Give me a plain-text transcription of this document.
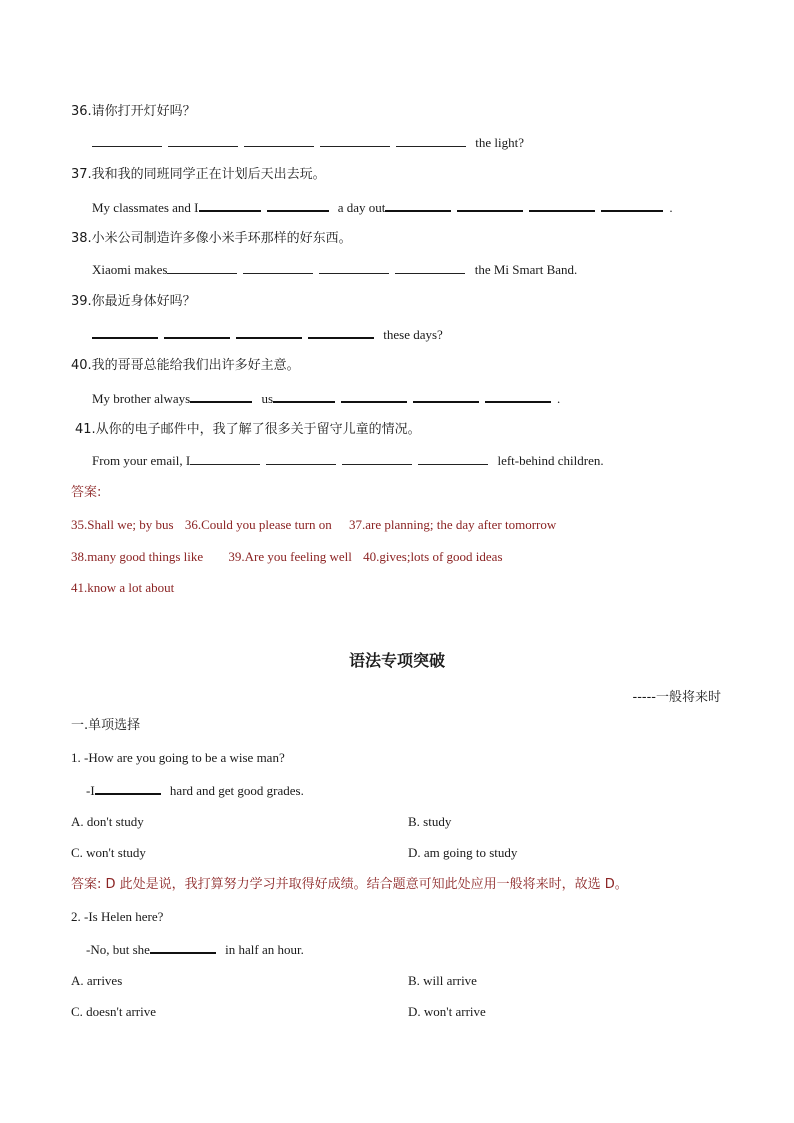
36.请你打开灯好吗？
the light?
37.我和我的同班同学正在计划后天出去玩。
My classmates and I	a day out	.
38.小米公司制造许多像小米手环那样的好东西。
Xiaomi makes	the Mi Smart Band.
39.你最近身体好吗？
these days?
40.我的哥哥总能给我们出许多好主意。
My brother always	us	.
41.从你的电子邮件中，我了解了很多关于留守儿童的情况。
From your email, I	left-behind children.
答案:
35.Shall we; by bus 36.Could you please turn on 37.are planning; the day after tomorrow
38.many good things like 39.Are you feeling well 40.gives;lots of good ideas
41.know a lot about
语法专项突破
-----一般将来时
一.单项选择
1. -How are you going to be a wise man?
-I	hard and get good grades.
A. don't study	B. study
C. won't study	D. am going to study
答案: D 此处是说，我打算努力学习并取得好成绩。结合题意可知此处应用一般将来时，故选 D。
2. -Is Helen here?
-No, but she	in half an hour.
A. arrives	B. will arrive
C. doesn't arrive	D. won't arrive
